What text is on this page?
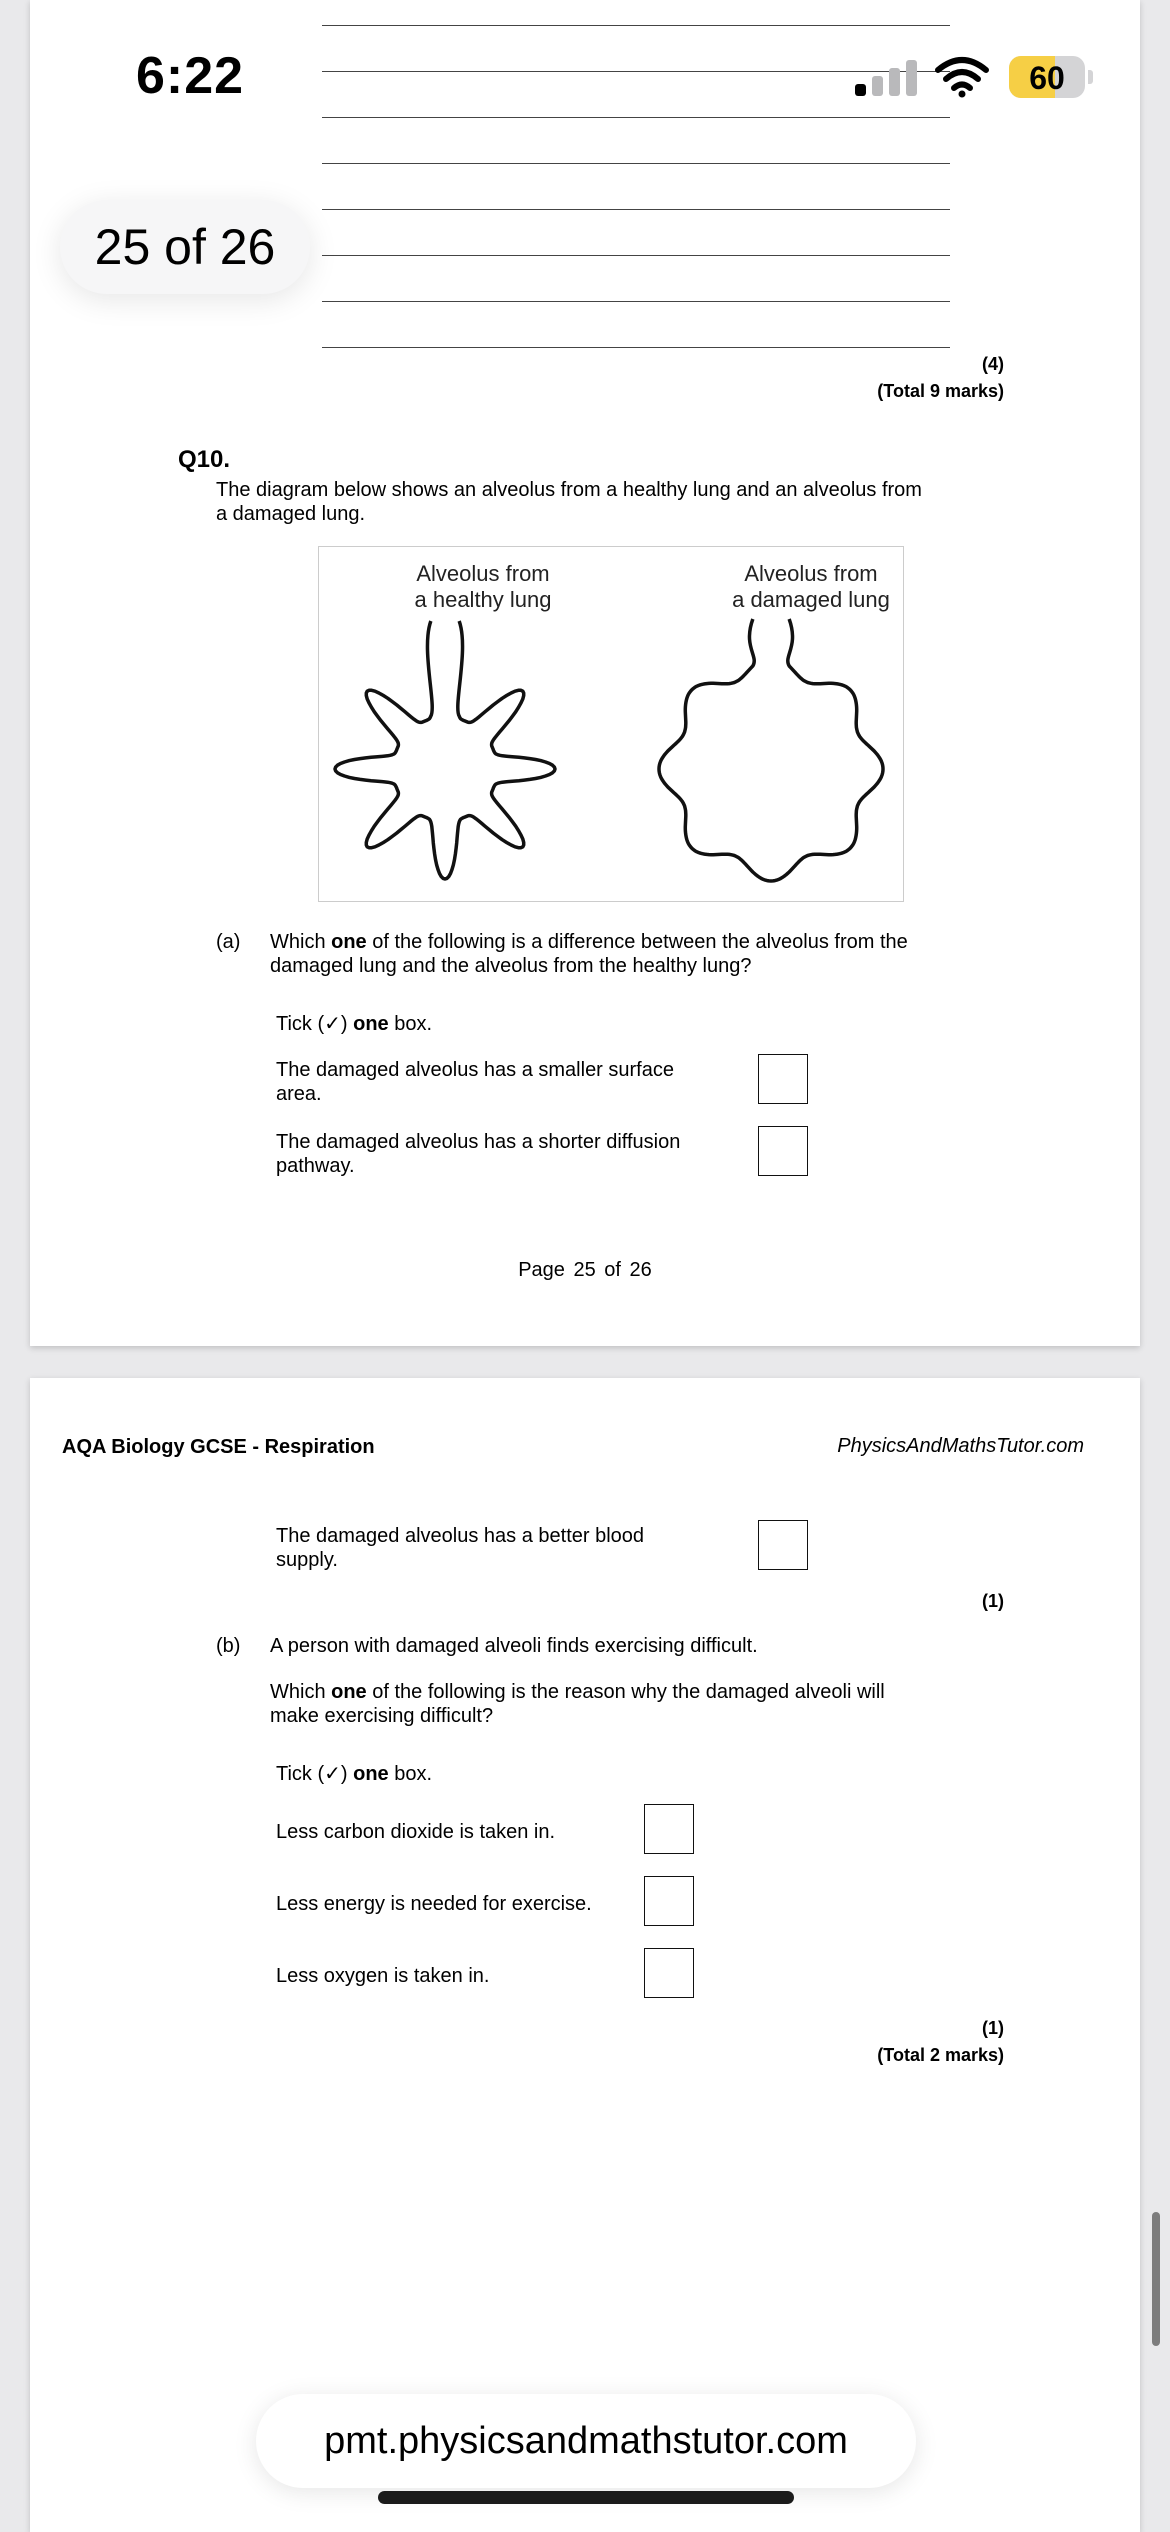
(4)
(Total 9 marks)
Q10.
The diagram below shows an alveolus from a healthy lung and an alveolus from
a damaged lung.
Alveolus from
a healthy lung
Alveolus from
a damaged lung
(a) Which one of the following is a difference between the alveolus from the
damaged lung and the alveolus from the healthy lung?
Tick (✓) one box.
The damaged alveolus has a smaller surface
area.
The damaged alveolus has a shorter diffusion
pathway.
Page 25 of 26
AQA Biology GCSE - Respiration	PhysicsAndMathsTutor.com
The damaged alveolus has a better blood
supply.
(1)
(b) A person with damaged alveoli finds exercising difficult.
Which one of the following is the reason why the damaged alveoli will
make exercising difficult?
Tick (✓) one box.
Less carbon dioxide is taken in.
Less energy is needed for exercise.
Less oxygen is taken in.
(1)
(Total 2 marks)
6:22	60
25 of 26
pmt.physicsandmathstutor.com
